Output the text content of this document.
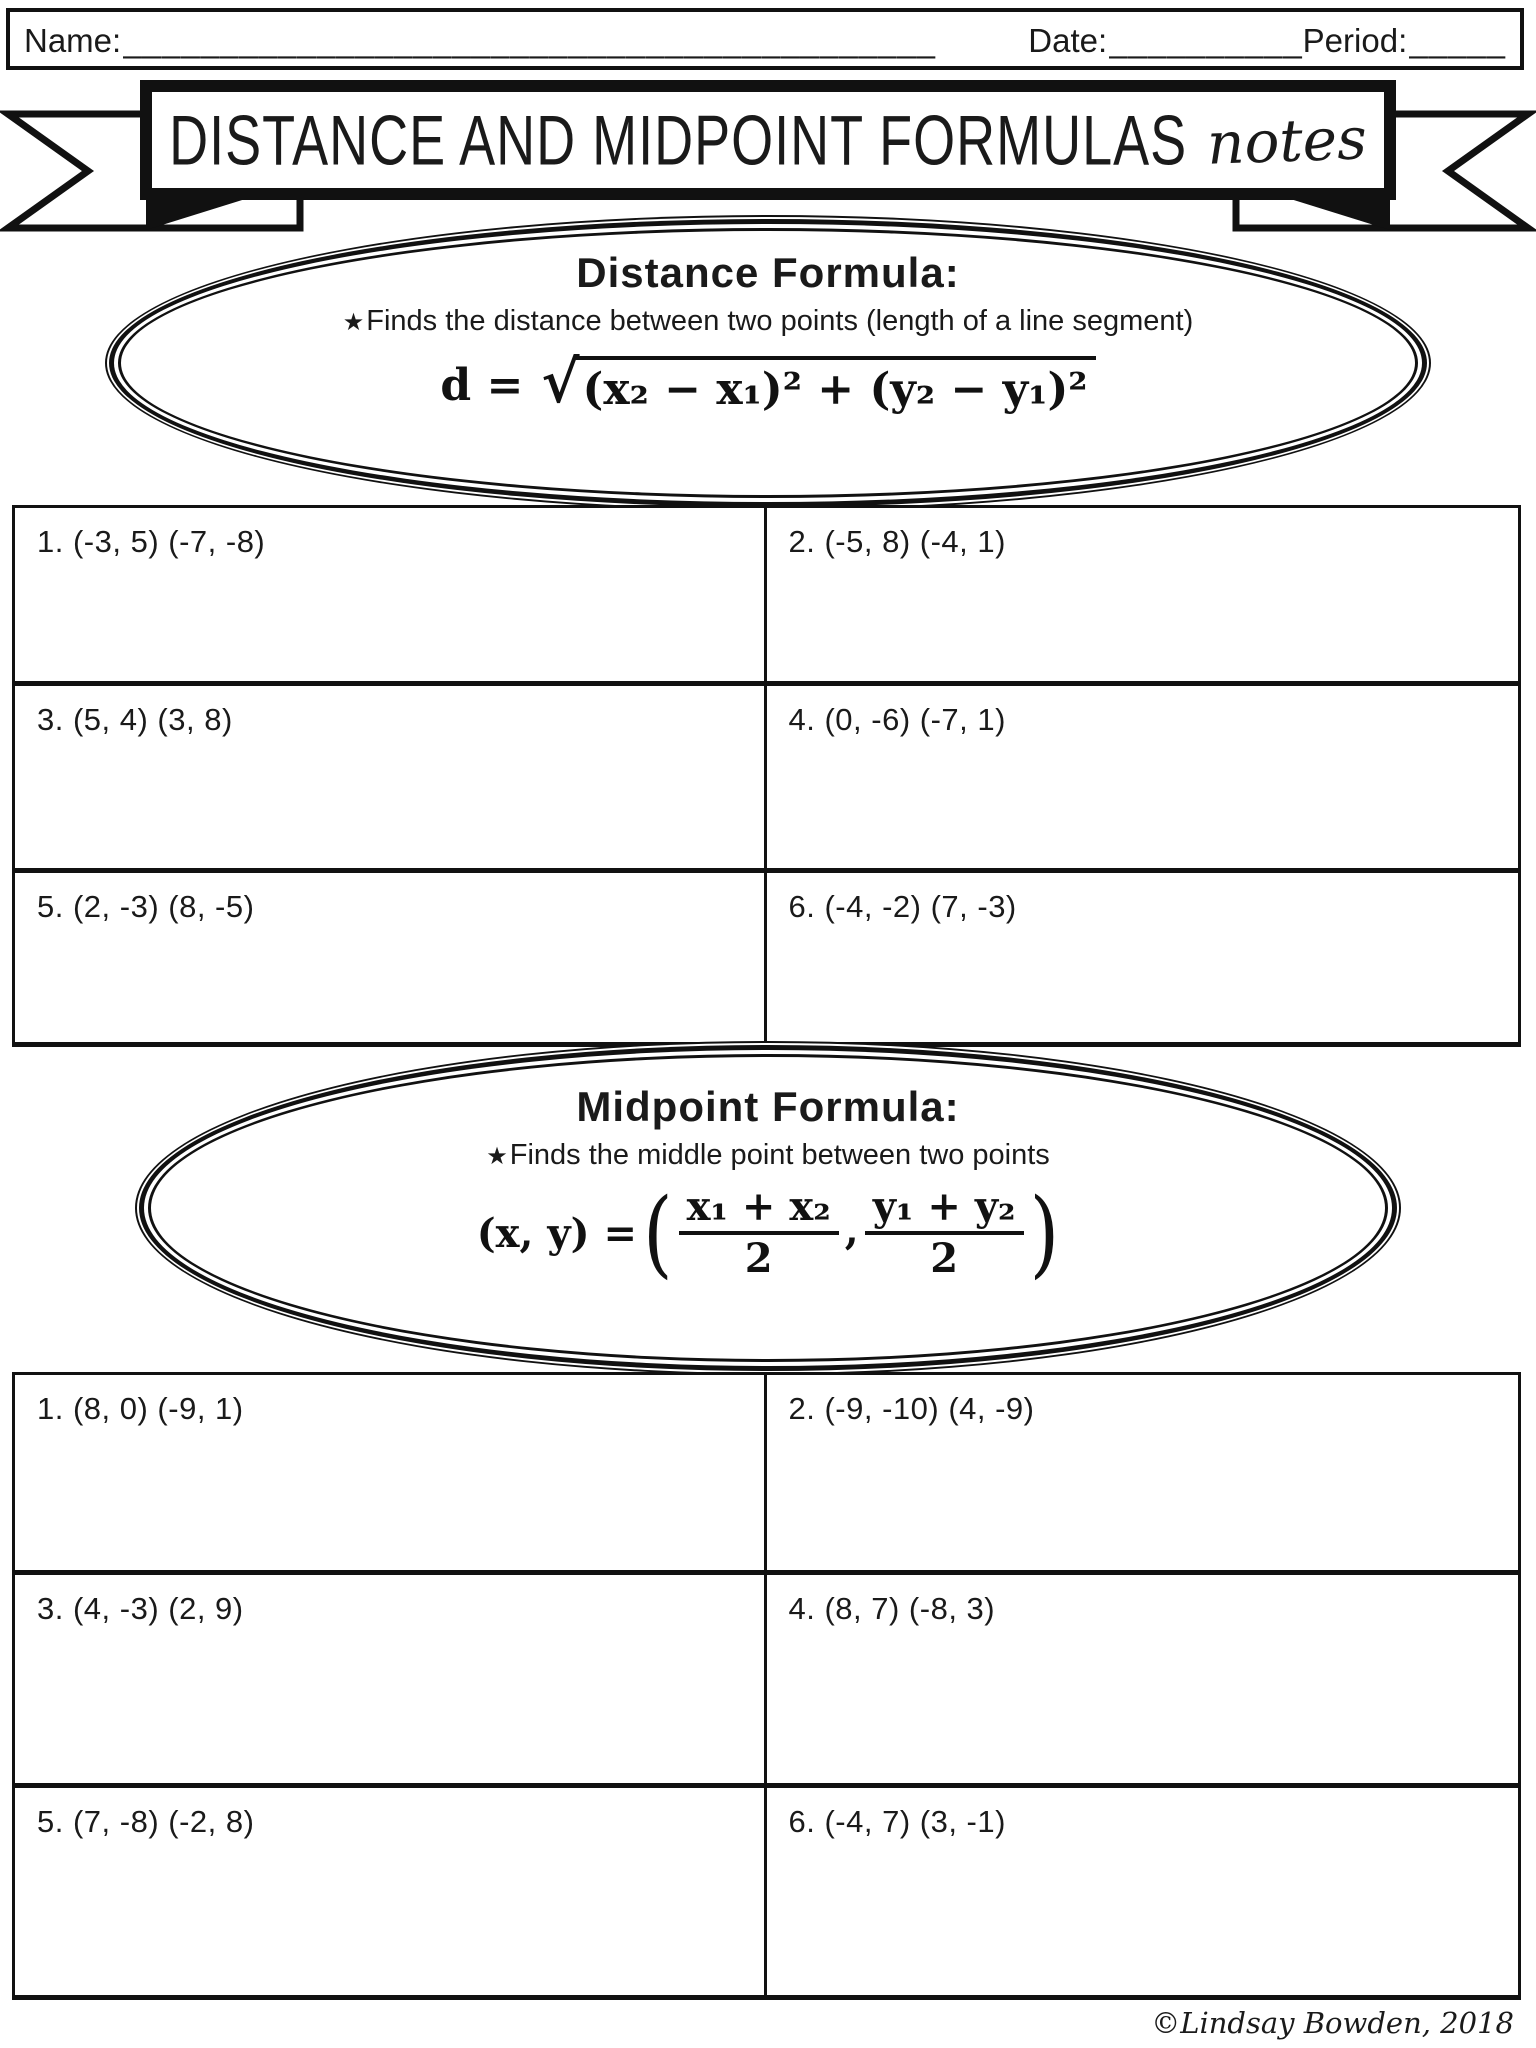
Name: __________________________________________	Date: __________ Period: _____
DISTANCE AND MIDPOINT FORMULAS notes
Distance Formula:
★ Finds the distance between two points (length of a line segment)
d = √ (x₂ − x₁)² + (y₂ − y₁)²
1. (-3, 5) (-7, -8)	2. (-5, 8) (-4, 1)
3. (5, 4) (3, 8)	4. (0, -6) (-7, 1)
5. (2, -3) (8, -5)	6. (-4, -2) (7, -3)
Midpoint Formula:
★ Finds the middle point between two points
(x, y) = ( $\frac{\text{x₁ + x₂}}{2}$ , $\frac{\text{y₁ + y₂}}{2}$ )
1. (8, 0) (-9, 1)	2. (-9, -10) (4, -9)
3. (4, -3) (2, 9)	4. (8, 7) (-8, 3)
5. (7, -8) (-2, 8)	6. (-4, 7) (3, -1)
©Lindsay Bowden, 2018
